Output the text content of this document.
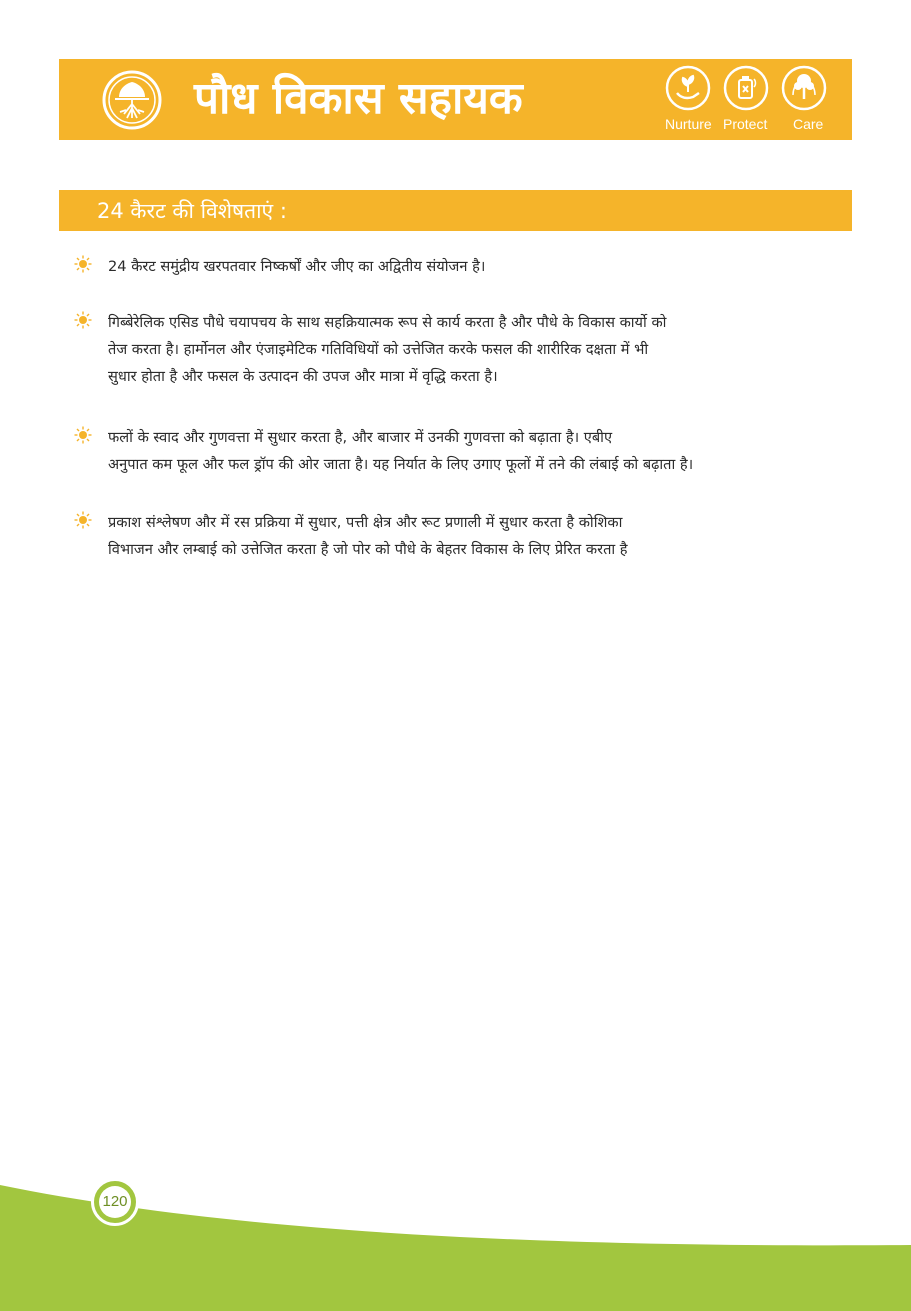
पौध विकास सहायक	Nurture Protect Care
24 कैरट की विशेषताएं :
24 कैरट समुंद्रीय खरपतवार निष्कर्षों और जीए का अद्वितीय संयोजन है।
गिब्बेरेलिक एसिड पौधे चयापचय के साथ सहक्रियात्मक रूप से कार्य करता है और पौधे के विकास कार्यो को
तेज करता है। हार्मोनल और एंजाइमेटिक गतिविधियों को उत्तेजित करके फसल की शारीरिक दक्षता में भी
सुधार होता है और फसल के उत्पादन की उपज और मात्रा में वृद्धि करता है।
फलों के स्वाद और गुणवत्ता में सुधार करता है, और बाजार में उनकी गुणवत्ता को बढ़ाता है। एबीए
अनुपात कम फूल और फल ड्रॉप की ओर जाता है। यह निर्यात के लिए उगाए फूलों में तने की लंबाई को बढ़ाता है।
प्रकाश संश्लेषण और में रस प्रक्रिया में सुधार, पत्ती क्षेत्र और रूट प्रणाली में सुधार करता है कोशिका
विभाजन और लम्बाई को उत्तेजित करता है जो पोर को पौधे के बेहतर विकास के लिए प्रेरित करता है
120
